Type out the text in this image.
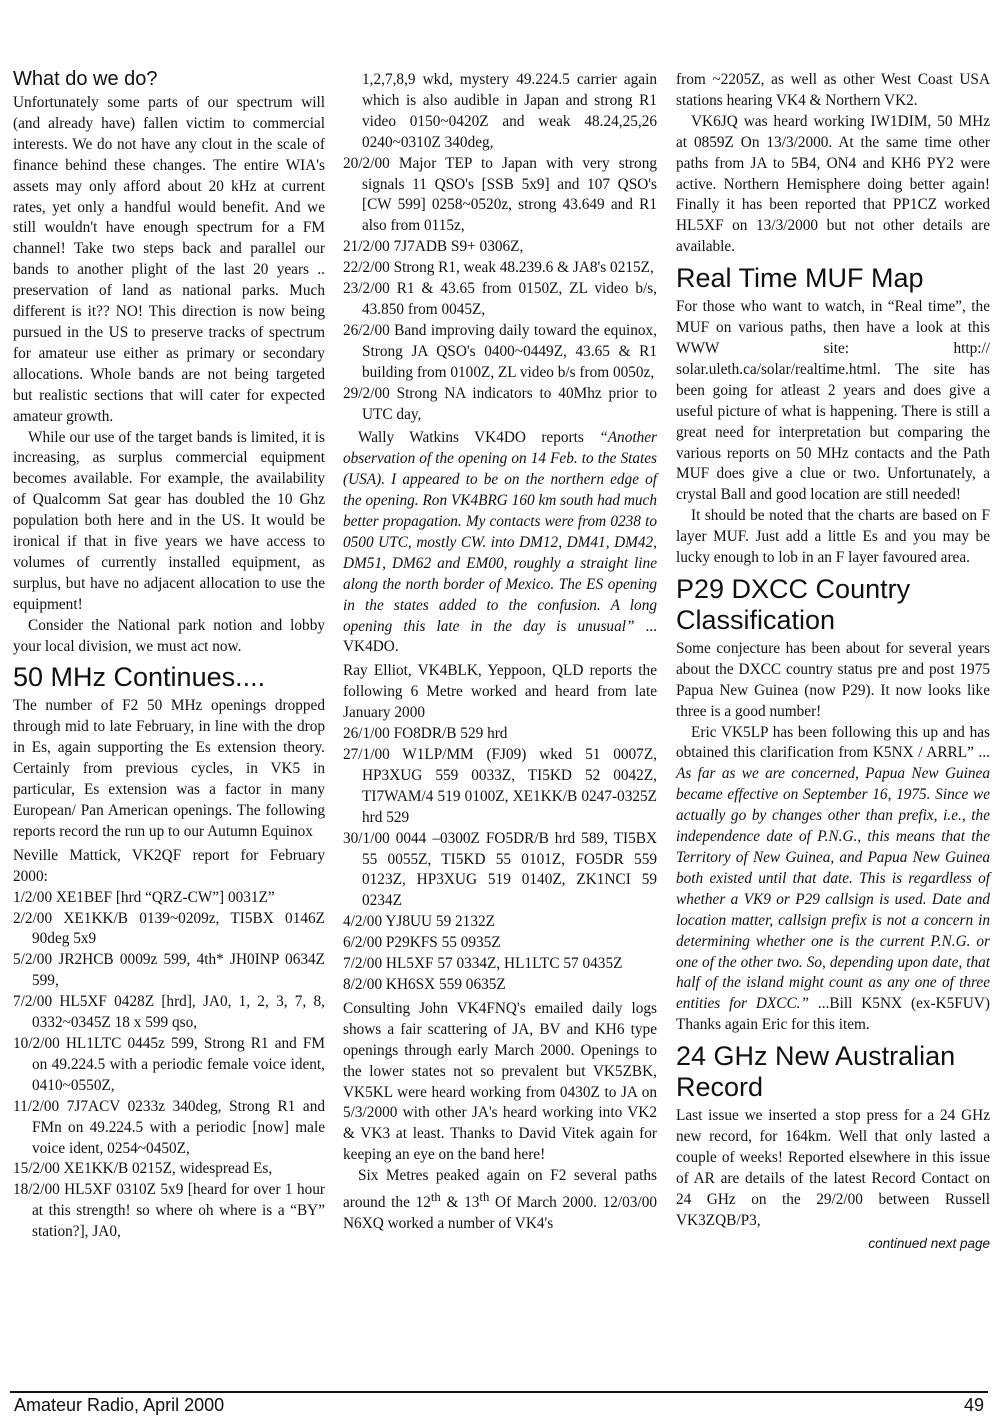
What do we do?

Unfortunately some parts of our spectrum will (and already have) fallen victim to commercial interests. We do not have any clout in the scale of finance behind these changes. The entire WIA's assets may only afford about 20 kHz at current rates, yet only a handful would benefit. And we still wouldn't have enough spectrum for a FM channel! Take two steps back and parallel our bands to another plight of the last 20 years .. preservation of land as national parks. Much different is it?? NO! This direction is now being pursued in the US to preserve tracks of spectrum for amateur use either as primary or secondary allocations. Whole bands are not being targeted but realistic sections that will cater for expected amateur growth.

While our use of the target bands is limited, it is increasing, as surplus commercial equipment becomes available. For example, the availability of Qualcomm Sat gear has doubled the 10 Ghz population both here and in the US. It would be ironical if that in five years we have access to volumes of currently installed equipment, as surplus, but have no adjacent allocation to use the equipment!

Consider the National park notion and lobby your local division, we must act now.

50 MHz Continues....

The number of F2 50 MHz openings dropped through mid to late February, in line with the drop in Es, again supporting the Es extension theory. Certainly from previous cycles, in VK5 in particular, Es extension was a factor in many European/ Pan American openings. The following reports record the run up to our Autumn Equinox

Neville Mattick, VK2QF report for February 2000:

1/2/00 XE1BEF [hrd “QRZ-CW”] 0031Z”

2/2/00 XE1KK/B 0139~0209z, TI5BX 0146Z 90deg 5x9

5/2/00 JR2HCB 0009z 599, 4th* JH0INP 0634Z 599,

7/2/00 HL5XF 0428Z [hrd], JA0, 1, 2, 3, 7, 8, 0332~0345Z 18 x 599 qso,

10/2/00 HL1LTC 0445z 599, Strong R1 and FM on 49.224.5 with a periodic female voice ident, 0410~0550Z,

11/2/00 7J7ACV 0233z 340deg, Strong R1 and FMn on 49.224.5 with a periodic [now] male voice ident, 0254~0450Z,

15/2/00 XE1KK/B 0215Z, widespread Es,

18/2/00 HL5XF 0310Z 5x9 [heard for over 1 hour at this strength! so where oh where is a “BY” station?], JA0,

1,2,7,8,9 wkd, mystery 49.224.5 carrier again which is also audible in Japan and strong R1 video 0150~0420Z and weak 48.24,25,26 0240~0310Z 340deg,

20/2/00 Major TEP to Japan with very strong signals 11 QSO's [SSB 5x9] and 107 QSO's [CW 599] 0258~0520z, strong 43.649 and R1 also from 0115z,

21/2/00 7J7ADB S9+ 0306Z,

22/2/00 Strong R1, weak 48.239.6 & JA8's 0215Z,

23/2/00 R1 & 43.65 from 0150Z, ZL video b/s, 43.850 from 0045Z,

26/2/00 Band improving daily toward the equinox, Strong JA QSO's 0400~0449Z, 43.65 & R1 building from 0100Z, ZL video b/s from 0050z,

29/2/00 Strong NA indicators to 40Mhz prior to UTC day,

Wally Watkins VK4DO reports “Another observation of the opening on 14 Feb. to the States (USA). I appeared to be on the northern edge of the opening. Ron VK4BRG 160 km south had much better propagation. My contacts were from 0238 to 0500 UTC, mostly CW. into DM12, DM41, DM42, DM51, DM62 and EM00, roughly a straight line along the north border of Mexico. The ES opening in the states added to the confusion. A long opening this late in the day is unusual” ... VK4DO.

Ray Elliot, VK4BLK, Yeppoon, QLD reports the following 6 Metre worked and heard from late January 2000

26/1/00 FO8DR/B 529 hrd

27/1/00 W1LP/MM (FJ09) wked 51 0007Z, HP3XUG 559 0033Z, TI5KD 52 0042Z, TI7WAM/4 519 0100Z, XE1KK/B 0247-0325Z hrd 529

30/1/00 0044 –0300Z FO5DR/B hrd 589, TI5BX 55 0055Z, TI5KD 55 0101Z, FO5DR 559 0123Z, HP3XUG 519 0140Z, ZK1NCI 59 0234Z

4/2/00 YJ8UU 59 2132Z

6/2/00 P29KFS 55 0935Z

7/2/00 HL5XF 57 0334Z, HL1LTC 57 0435Z

8/2/00 KH6SX 559 0635Z

Consulting John VK4FNQ's emailed daily logs shows a fair scattering of JA, BV and KH6 type openings through early March 2000. Openings to the lower states not so prevalent but VK5ZBK, VK5KL were heard working from 0430Z to JA on 5/3/2000 with other JA's heard working into VK2 & VK3 at least. Thanks to David Vitek again for keeping an eye on the band here!

Six Metres peaked again on F2 several paths around the 12th & 13th Of March 2000. 12/03/00 N6XQ worked a number of VK4's

from ~2205Z, as well as other West Coast USA stations hearing VK4 & Northern VK2.

VK6JQ was heard working IW1DIM, 50 MHz at 0859Z On 13/3/2000. At the same time other paths from JA to 5B4, ON4 and KH6 PY2 were active. Northern Hemisphere doing better again! Finally it has been reported that PP1CZ worked HL5XF on 13/3/2000 but not other details are available.

Real Time MUF Map

For those who want to watch, in “Real time”, the MUF on various paths, then have a look at this WWW site: http:// solar.uleth.ca/solar/realtime.html. The site has been going for atleast 2 years and does give a useful picture of what is happening. There is still a great need for interpretation but comparing the various reports on 50 MHz contacts and the Path MUF does give a clue or two. Unfortunately, a crystal Ball and good location are still needed!

It should be noted that the charts are based on F layer MUF. Just add a little Es and you may be lucky enough to lob in an F layer favoured area.

P29 DXCC Country Classification

Some conjecture has been about for several years about the DXCC country status pre and post 1975 Papua New Guinea (now P29). It now looks like three is a good number!

Eric VK5LP has been following this up and has obtained this clarification from K5NX / ARRL” ... As far as we are concerned, Papua New Guinea became effective on September 16, 1975. Since we actually go by changes other than prefix, i.e., the independence date of P.N.G., this means that the Territory of New Guinea, and Papua New Guinea both existed until that date. This is regardless of whether a VK9 or P29 callsign is used. Date and location matter, callsign prefix is not a concern in determining whether one is the current P.N.G. or one of the other two. So, depending upon date, that half of the island might count as any one of three entities for DXCC.” ...Bill K5NX (ex-K5FUV) Thanks again Eric for this item.

24 GHz New Australian Record

Last issue we inserted a stop press for a 24 GHz new record, for 164km. Well that only lasted a couple of weeks! Reported elsewhere in this issue of AR are details of the latest Record Contact on 24 GHz on the 29/2/00 between Russell VK3ZQB/P3,

continued next page
Amateur Radio, April 2000	49
